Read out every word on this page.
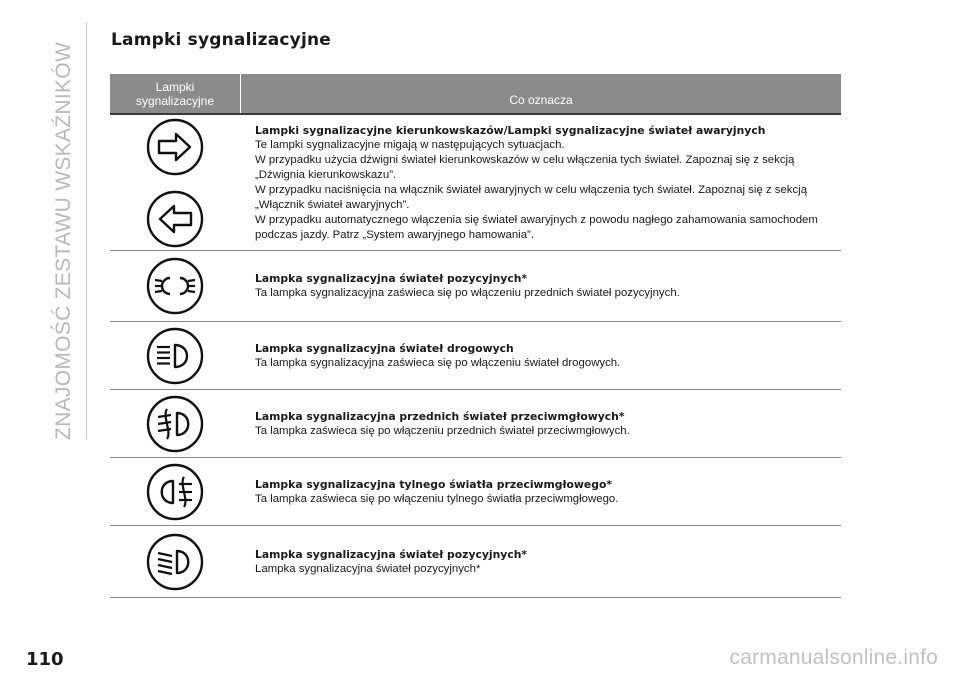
ZNAJOMOŚĆ ZESTAWU WSKAŹNIKÓW
Lampki sygnalizacyjne
Lampki
sygnalizacyjne	Co oznacza
Lampki sygnalizacyjne kierunkowskazów/Lampki sygnalizacyjne świateł awaryjnych
Te lampki sygnalizacyjne migają w następujących sytuacjach.
W przypadku użycia dźwigni świateł kierunkowskazów w celu włączenia tych świateł. Zapoznaj się z sekcją „Dźwignia kierunkowskazu”.
W przypadku naciśnięcia na włącznik świateł awaryjnych w celu włączenia tych świateł. Zapoznaj się z sekcją „Włącznik świateł awaryjnych”.
W przypadku automatycznego włączenia się świateł awaryjnych z powodu nagłego zahamowania samochodem podczas jazdy. Patrz „System awaryjnego hamowania”.
Lampka sygnalizacyjna świateł pozycyjnych*
Ta lampka sygnalizacyjna zaświeca się po włączeniu przednich świateł pozycyjnych.
Lampka sygnalizacyjna świateł drogowych
Ta lampka sygnalizacyjna zaświeca się po włączeniu świateł drogowych.
Lampka sygnalizacyjna przednich świateł przeciwmgłowych*
Ta lampka zaświeca się po włączeniu przednich świateł przeciwmgłowych.
Lampka sygnalizacyjna tylnego światła przeciwmgłowego*
Ta lampka zaświeca się po włączeniu tylnego światła przeciwmgłowego.
Lampka sygnalizacyjna świateł pozycyjnych*
Lampka sygnalizacyjna świateł pozycyjnych*
110	carmanualsonline.info
